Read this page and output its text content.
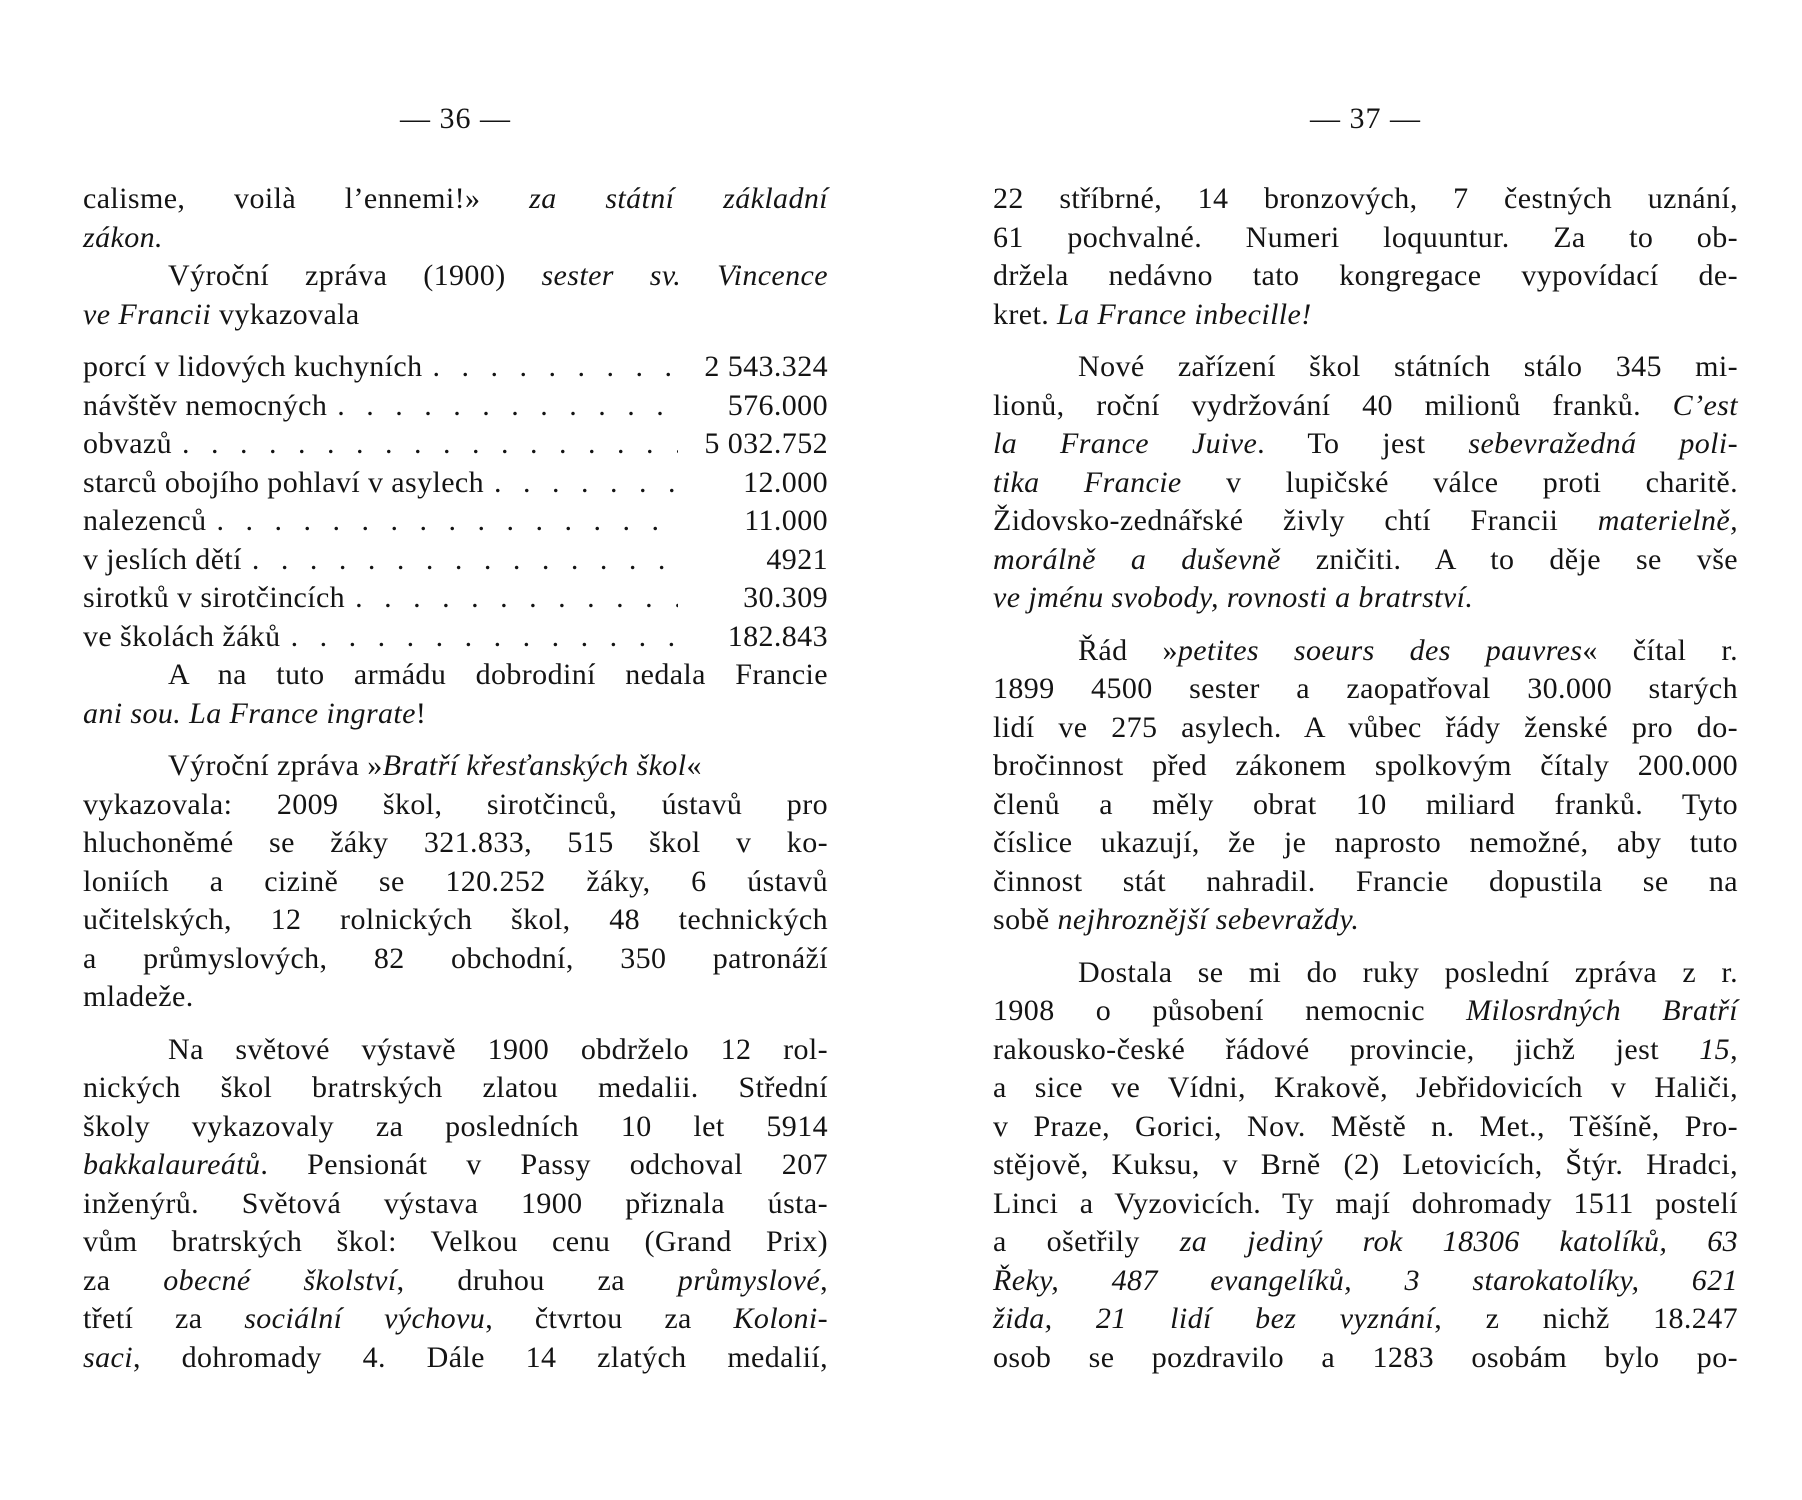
— 36 —
calisme, voilà l’ennemi!» za státní základní
zákon.
Výroční zpráva (1900) sester sv. Vincence
ve Francii vykazovala
porcí v lidových kuchyních . . .	2 543.324
návštěv nemocných . . .	576.000
obvazů . . .	5 032.752
starců obojího pohlaví v asylech . . .	12.000
nalezenců . . .	11.000
v jeslích dětí . . .	4921
sirotků v sirotčincích . . .	30.309
ve školách žáků . . .	182.843
A na tuto armádu dobrodiní nedala Francie
ani sou. La France ingrate!
Výroční zpráva »Bratří křesťanských škol«
vykazovala: 2009 škol, sirotčinců, ústavů pro
hluchoněmé se žáky 321.833, 515 škol v ko-
loniích a cizině se 120.252 žáky, 6 ústavů
učitelských, 12 rolnických škol, 48 technických
a průmyslových, 82 obchodní, 350 patronáží
mladeže.
Na světové výstavě 1900 obdrželo 12 rol-
nických škol bratrských zlatou medalii. Střední
školy vykazovaly za posledních 10 let 5914
bakkalaureátů. Pensionát v Passy odchoval 207
inženýrů. Světová výstava 1900 přiznala ústa-
vům bratrských škol: Velkou cenu (Grand Prix)
za obecné školství, druhou za průmyslové,
třetí za sociální výchovu, čtvrtou za Koloni-
saci, dohromady 4. Dále 14 zlatých medalií,
— 37 —
22 stříbrné, 14 bronzových, 7 čestných uznání,
61 pochvalné. Numeri loquuntur. Za to ob-
držela nedávno tato kongregace vypovídací de-
kret. La France inbecille!
Nové zařízení škol státních stálo 345 mi-
lionů, roční vydržování 40 milionů franků. C’est
la France Juive. To jest sebevražedná poli-
tika Francie v lupičské válce proti charitě.
Židovsko-zednářské živly chtí Francii materielně,
morálně a duševně zničiti. A to děje se vše
ve jménu svobody, rovnosti a bratrství.
Řád »petites soeurs des pauvres« čítal r.
1899 4500 sester a zaopatřoval 30.000 starých
lidí ve 275 asylech. A vůbec řády ženské pro do-
bročinnost před zákonem spolkovým čítaly 200.000
členů a měly obrat 10 miliard franků. Tyto
číslice ukazují, že je naprosto nemožné, aby tuto
činnost stát nahradil. Francie dopustila se na
sobě nejhroznější sebevraždy.
Dostala se mi do ruky poslední zpráva z r.
1908 o působení nemocnic Milosrdných Bratří
rakousko-české řádové provincie, jichž jest 15,
a sice ve Vídni, Krakově, Jebřidovicích v Haliči,
v Praze, Gorici, Nov. Městě n. Met., Těšíně, Pro-
stějově, Kuksu, v Brně (2) Letovicích, Štýr. Hradci,
Linci a Vyzovicích. Ty mají dohromady 1511 postelí
a ošetřily za jediný rok 18306 katolíků, 63
Řeky, 487 evangelíků, 3 starokatolíky, 621
žida, 21 lidí bez vyznání, z nichž 18.247
osob se pozdravilo a 1283 osobám bylo po-
